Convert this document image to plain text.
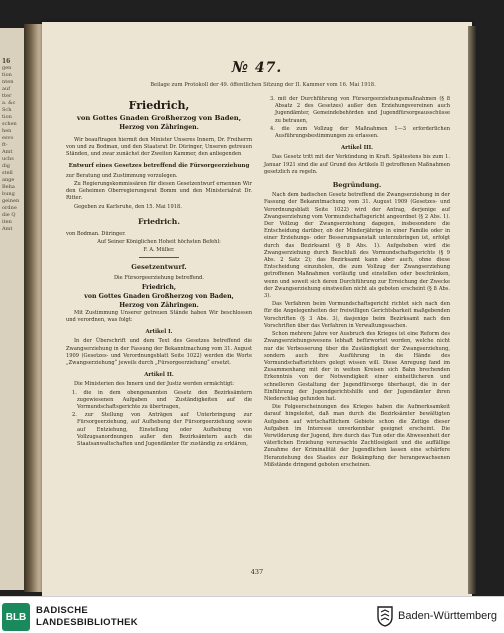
16
gen
tion
nten
auf
tter
a. &c
Sch
tion
schen
hen
esvo
ft-
Amt
uchs
dig
stell
ange
Beha
bung
geinen
ordne
die Q
iten
Amt
№ 47.
Beilage zum Protokoll der 49. öffentlichen Sitzung der II. Kammer vom 16. Mai 1918.
Friedrich,
von Gottes Gnaden Großherzog von Baden,
Herzog von Zähringen.

Wir beauftragen hiermit den Minister Unseres Innern, Dr. Freiherrn von und zu Bodman, und den Staatsrat Dr. Düringer, Unseren getreuen Ständen, und zwar zunächst der Zweiten Kammer, den anliegenden

Entwurf eines Gesetzes betreffend die Fürsorgeerziehung

zur Beratung und Zustimmung vorzulegen.

Zu Regierungskommissären für diesen Gesetzentwurf ernennen Wir den Geheimen Oberregierungsrat Bomm und den Ministerialrat Dr. Ritter.

Gegeben zu Karlsruhe, den 15. Mai 1918.

Friedrich.

von Bodman. Düringer.

Auf Seiner Königlichen Hoheit höchsten Befehl:

F. A. Müller.

Gesetzentwurf.

Die Fürsorgeerziehung betreffend.

Friedrich,
von Gottes Gnaden Großherzog von Baden,
Herzog von Zähringen.

Mit Zustimmung Unserer getreuen Stände haben Wir beschlossen und verordnen, was folgt:

Artikel I.

In der Überschrift und dem Text des Gesetzes betreffend die Zwangserziehung in der Fassung der Bekanntmachung vom 31. August 1909 (Gesetzes- und Verordnungsblatt Seite 1022) werden die Worte „Zwangserziehung“ jeweils durch „Fürsorgeerziehung“ ersetzt.

Artikel II.

Die Ministerien des Innern und der Justiz werden ermächtigt:

1. die in dem obengenannten Gesetz den Bezirksämtern zugewiesenen Aufgaben und Zuständigkeiten auf die Vormundschaftsgerichte zu übertragen,

2. zur Stellung von Anträgen auf Unterbringung zur Fürsorgeerziehung, auf Aufhebung der Fürsorgeerziehung sowie auf Entziehung, Einstellung oder Aufhebung von Vollzugsanordnungen außer den Bezirksämtern auch die Staatsanwaltschaften und Jugendämter für zuständig zu erklären,

3. mit der Durchführung von Fürsorgeerziehungsmaßnahmen (§ 8 Absatz 2 des Gesetzes) außer den Erziehungsvereinen auch Jugendämter, Gemeindebehörden und Jugendfürsorgeausschüsse zu betrauen,

4. die zum Vollzug der Maßnahmen 1—3 erforderlichen Ausführungsbestimmungen zu erlassen.

Artikel III.

Das Gesetz tritt mit der Verkündung in Kraft. Spätestens bis zum 1. Januar 1921 sind die auf Grund des Artikels II getroffenen Maßnahmen gesetzlich zu regeln.

Begründung.

Nach dem badischen Gesetz betreffend die Zwangserziehung in der Fassung der Bekanntmachung vom 31. August 1909 (Gesetzes- und Verordnungsblatt Seite 1022) wird der Antrag, derjenige auf Zwangserziehung vom Vormundschaftsgericht angeordnet (§ 2 Abs. 1). Der Vollzug der Zwangserziehung dagegen, insbesondere die Entscheidung darüber, ob der Minderjährige in einer Familie oder in einer Erziehungs- oder Besserungsanstalt unterzubringen ist, erfolgt durch das Bezirksamt (§ 8 Abs. 1). Aufgehoben wird die Zwangserziehung durch Beschluß des Vormundschaftsgerichts (§ 9 Abs. 2 Satz 2); das Bezirksamt kann aber auch, ohne diese Entscheidung einzuholen, die zum Vollzug der Zwangserziehung getroffenen Maßnahmen vorläufig und einstellen oder beschränken, wenn und soweit sich deren Durchführung zur Erreichung der Zwecke der Zwangserziehung einstweilen nicht als geboten erscheint (§ 8 Abs. 3).

Das Verfahren beim Vormundschaftsgericht richtet sich nach den für die Angelegenheiten der freiwilligen Gerichtsbarkeit maßgebenden Vorschriften (§ 3 Abs. 3), dasjenige beim Bezirksamt nach den Vorschriften über das Verfahren in Verwaltungssachen.

Schon mehrere Jahre vor Ausbruch des Krieges ist eine Reform des Zwangserziehungswesens lebhaft befürwortet worden, welche nicht nur die Verbesserung über die Zuständigkeit der Zwangserziehung, sondern auch ihre Ausführung in die Hände des Vormundschaftsrichters gelegt wissen will. Diese Anregung fand im Zusammenhang mit der in weiten Kreisen sich Bahn brechenden Erkenntnis von der Notwendigkeit einer einheitlicheren und schnelleren Gestaltung der Jugendfürsorge überhaupt, die in der Einführung der Jugendgerichtshilfe und der Jugendämter ihren Niederschlag gefunden hat.

Die Folgeerscheinungen des Krieges haben die Aufmerksamkeit darauf hingeleitet, daß man durch die Bezirksämter bewältigten Aufgaben auf wirtschaftlichem Gebiete schon die Zeitige dieser Aufgaben im Interesse unverkennbar geeignet erscheint. Die Verwilderung der Jugend, ihre durch das Tun oder die Abwesenheit der väterlichen Erziehung verursachte Zuchtlosigkeit und die auffällige Zunahme der Kriminalität der Jugendlichen lassen eine schärfere Heranziehung des Staates zur Bekämpfung der herangewachsenen Mißstände dringend geboten erscheinen.

437
BLB
BADISCHE
LANDESBIBLIOTHEK
Baden-Württemberg
